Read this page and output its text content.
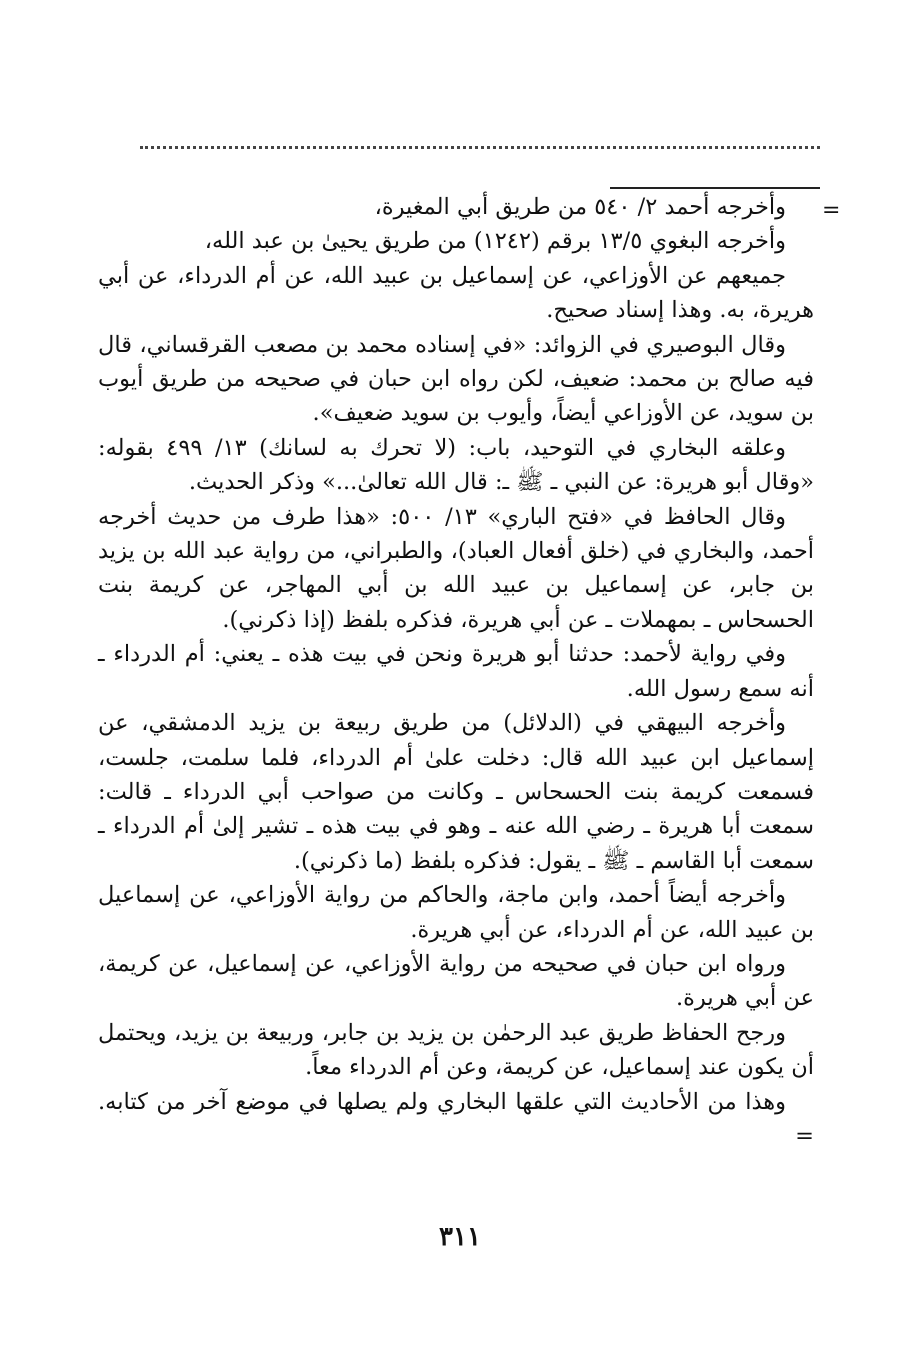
=

وأخرجه أحمد ٢/ ٥٤٠ من طريق أبي المغيرة،

وأخرجه البغوي ١٣/٥ برقم (١٢٤٢) من طريق يحيىٰ بن عبد الله،

جميعهم عن الأوزاعي، عن إسماعيل بن عبيد الله، عن أم الدرداء، عن أبي هريرة، به. وهذا إسناد صحيح.

وقال البوصيري في الزوائد: «في إسناده محمد بن مصعب القرقساني، قال فيه صالح بن محمد: ضعيف، لكن رواه ابن حبان في صحيحه من طريق أيوب بن سويد، عن الأوزاعي أيضاً، وأيوب بن سويد ضعيف».

وعلقه البخاري في التوحيد، باب: (لا تحرك به لسانك) ١٣/ ٤٩٩ بقوله: «وقال أبو هريرة: عن النبي ـ ﷺ ـ: قال الله تعالىٰ...» وذكر الحديث.

وقال الحافظ في «فتح الباري» ١٣/ ٥٠٠: «هذا طرف من حديث أخرجه أحمد، والبخاري في (خلق أفعال العباد)، والطبراني، من رواية عبد الله بن يزيد بن جابر، عن إسماعيل بن عبيد الله بن أبي المهاجر، عن كريمة بنت الحسحاس ـ بمهملات ـ عن أبي هريرة، فذكره بلفظ (إذا ذكرني).

وفي رواية لأحمد: حدثنا أبو هريرة ونحن في بيت هذه ـ يعني: أم الدرداء ـ أنه سمع رسول الله.

وأخرجه البيهقي في (الدلائل) من طريق ربيعة بن يزيد الدمشقي، عن إسماعيل ابن عبيد الله قال: دخلت علىٰ أم الدرداء، فلما سلمت، جلست، فسمعت كريمة بنت الحسحاس ـ وكانت من صواحب أبي الدرداء ـ قالت: سمعت أبا هريرة ـ رضي الله عنه ـ وهو في بيت هذه ـ تشير إلىٰ أم الدرداء ـ سمعت أبا القاسم ـ ﷺ ـ يقول: فذكره بلفظ (ما ذكرني).

وأخرجه أيضاً أحمد، وابن ماجة، والحاكم من رواية الأوزاعي، عن إسماعيل بن عبيد الله، عن أم الدرداء، عن أبي هريرة.

ورواه ابن حبان في صحيحه من رواية الأوزاعي، عن إسماعيل، عن كريمة، عن أبي هريرة.

ورجح الحفاظ طريق عبد الرحمٰن بن يزيد بن جابر، وربيعة بن يزيد، ويحتمل أن يكون عند إسماعيل، عن كريمة، وعن أم الدرداء معاً.

وهذا من الأحاديث التي علقها البخاري ولم يصلها في موضع آخر من كتابه. =

٣١١
